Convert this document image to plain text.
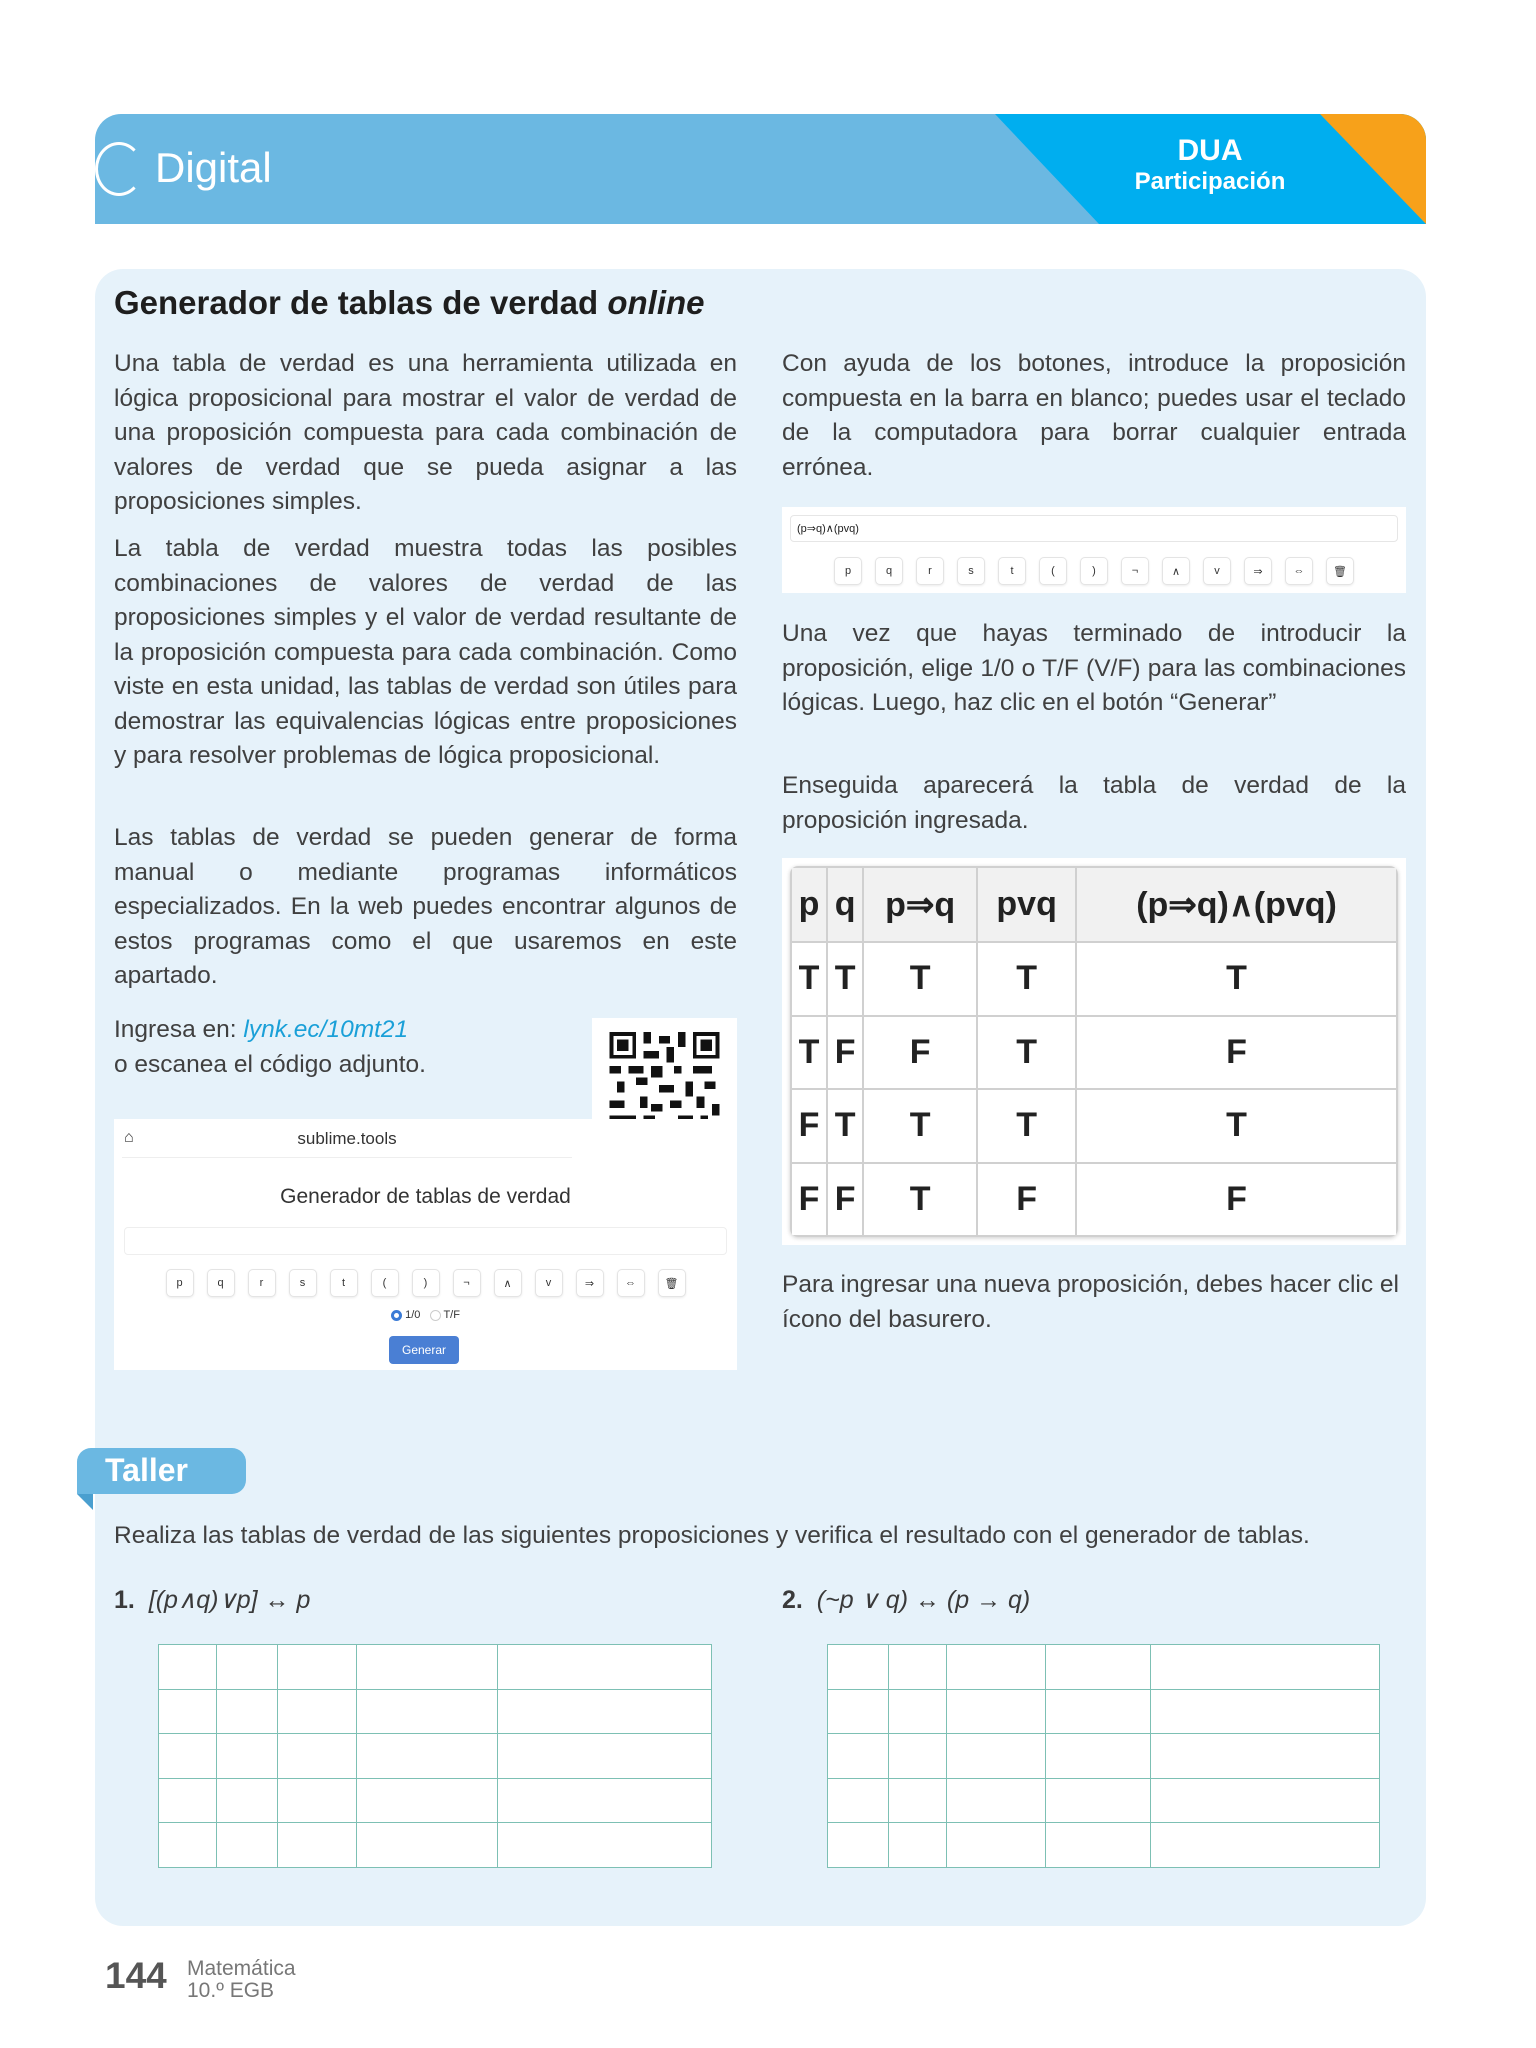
Digital	DUA
Participación
Generador de tablas de verdad online

Una tabla de verdad es una herramienta utilizada en lógica proposicional para mostrar el valor de verdad de una proposición compuesta para cada combinación de valores de verdad que se pueda asignar a las proposiciones simples.

La tabla de verdad muestra todas las posibles combinaciones de valores de verdad de las proposiciones simples y el valor de verdad resultante de la proposición compuesta para cada combinación. Como viste en esta unidad, las tablas de verdad son útiles para demostrar las equivalencias lógicas entre proposiciones y para resolver problemas de lógica proposicional.

Las tablas de verdad se pueden generar de forma manual o mediante programas informáticos especializados. En la web puedes encontrar algunos de estos programas como el que usaremos en este apartado.

Ingresa en: lynk.ec/10mt21
o escanea el código adjunto.

⌂	sublime.tools
Generador de tablas de verdad
p	q	r	s	t	(	)	¬	∧	v	⇒	⇔	🗑
1/0 T/F
Generar

Con ayuda de los botones, introduce la proposición compuesta en la barra en blanco; puedes usar el teclado de la computadora para borrar cualquier entrada errónea.

(p⇒q)∧(pvq)
p	q	r	s	t	(	)	¬	∧	v	⇒	⇔	🗑

Una vez que hayas terminado de introducir la proposición, elige 1/0 o T/F (V/F) para las combinaciones lógicas. Luego, haz clic en el botón “Generar”

Enseguida aparecerá la tabla de verdad de la proposición ingresada.

p	q	p⇒q	pvq	(p⇒q)∧(pvq)
T	T	T	T	T
T	F	F	T	F
F	T	T	T	T
F	F	T	F	F

Para ingresar una nueva proposición, debes hacer clic el ícono del basurero.

Taller

Realiza las tablas de verdad de las siguientes proposiciones y verifica el resultado con el generador de tablas.

1. [(p∧q)∨p] ↔ p	2. (~p ∨ q) ↔ (p → q)

144 Matemática
10.º EGB
